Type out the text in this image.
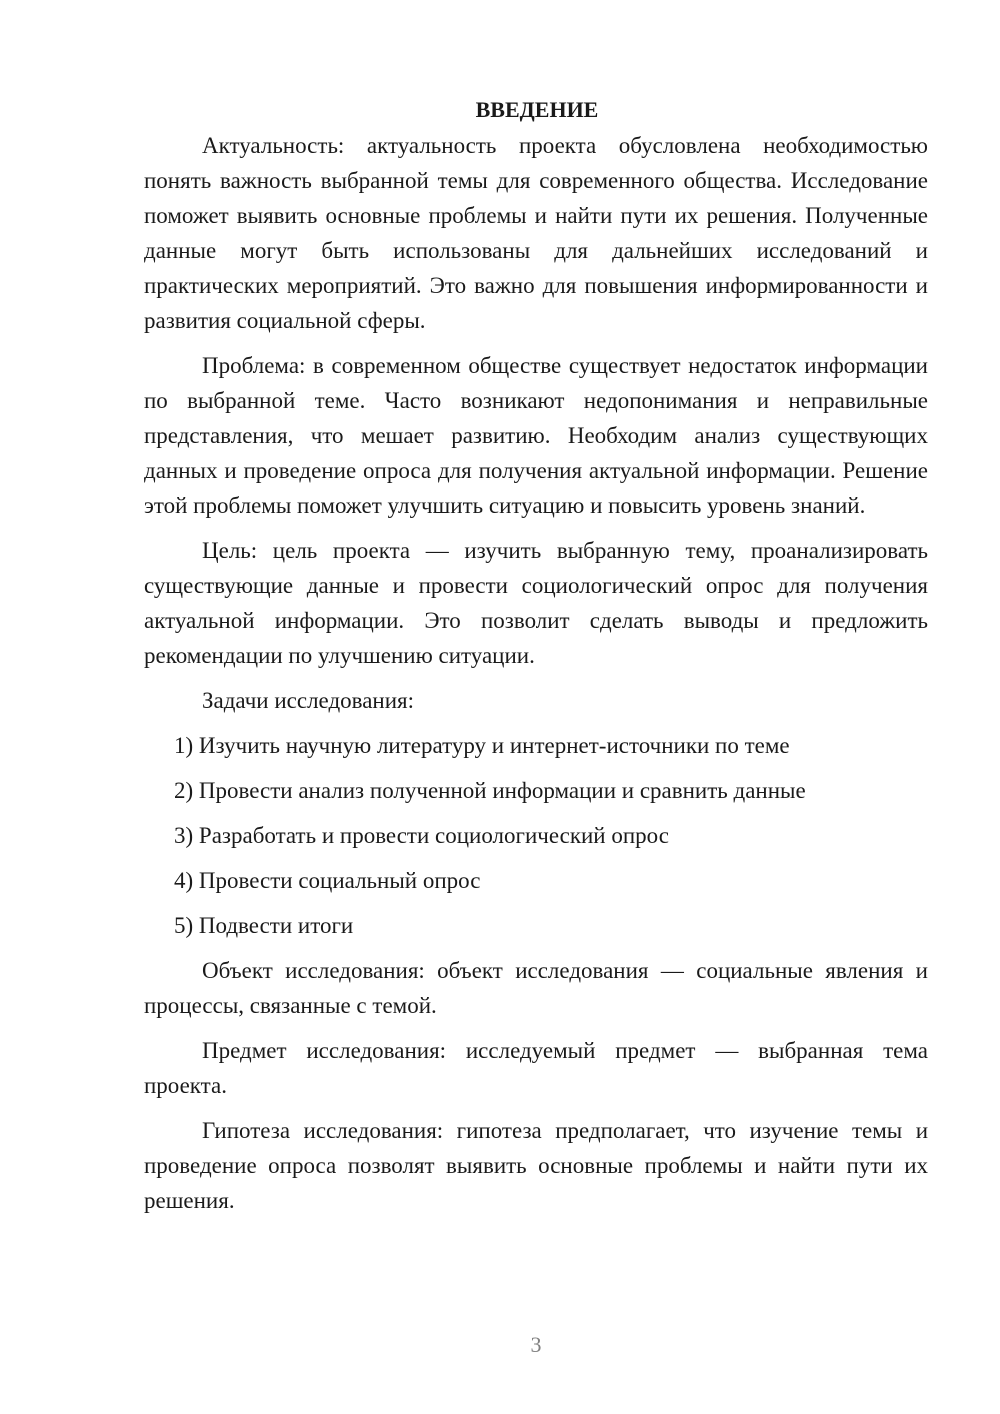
ВВЕДЕНИЕ

Актуальность: актуальность проекта обусловлена необходимостью понять важность выбранной темы для современного общества. Исследование поможет выявить основные проблемы и найти пути их решения. Полученные данные могут быть использованы для дальнейших исследований и практических мероприятий. Это важно для повышения информированности и развития социальной сферы.

Проблема: в современном обществе существует недостаток информации по выбранной теме. Часто возникают недопонимания и неправильные представления, что мешает развитию. Необходим анализ существующих данных и проведение опроса для получения актуальной информации. Решение этой проблемы поможет улучшить ситуацию и повысить уровень знаний.

Цель: цель проекта — изучить выбранную тему, проанализировать существующие данные и провести социологический опрос для получения актуальной информации. Это позволит сделать выводы и предложить рекомендации по улучшению ситуации.

Задачи исследования:

1) Изучить научную литературу и интернет-источники по теме

2) Провести анализ полученной информации и сравнить данные

3) Разработать и провести социологический опрос

4) Провести социальный опрос

5) Подвести итоги

Объект исследования: объект исследования — социальные явления и процессы, связанные с темой.

Предмет исследования: исследуемый предмет — выбранная тема проекта.

Гипотеза исследования: гипотеза предполагает, что изучение темы и проведение опроса позволят выявить основные проблемы и найти пути их решения.

3
